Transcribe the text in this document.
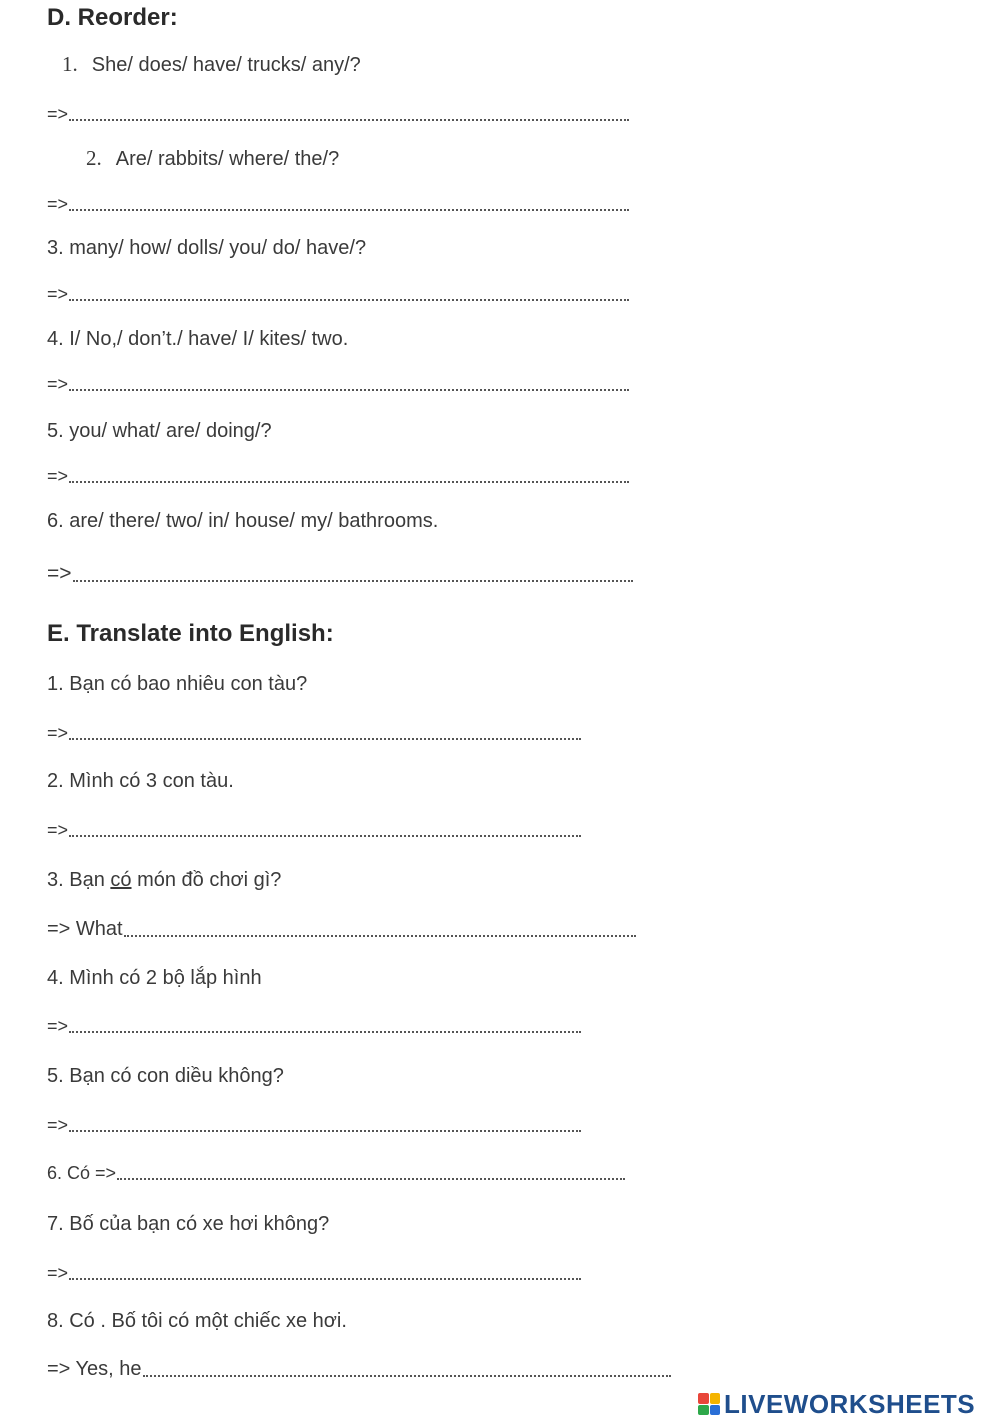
D. Reorder:
1. She/ does/ have/ trucks/ any/?
=>
2. Are/ rabbits/ where/ the/?
=>
3. many/ how/ dolls/ you/ do/ have/?
=>
4. I/ No,/ don’t./ have/ I/ kites/ two.
=>
5. you/ what/ are/ doing/?
=>
6. are/ there/ two/ in/ house/ my/ bathrooms.
=>
E. Translate into English:
1. Bạn có bao nhiêu con tàu?
=>
2. Mình có 3 con tàu.
=>
3. Bạn có món đồ chơi gì?
=> What
4. Mình có 2 bộ lắp hình
=>
5. Bạn có con diều không?
=>
6. Có =>
7. Bố của bạn có xe hơi không?
=>
8. Có . Bố tôi có một chiếc xe hơi.
=> Yes, he
LIVEWORKSHEETS
